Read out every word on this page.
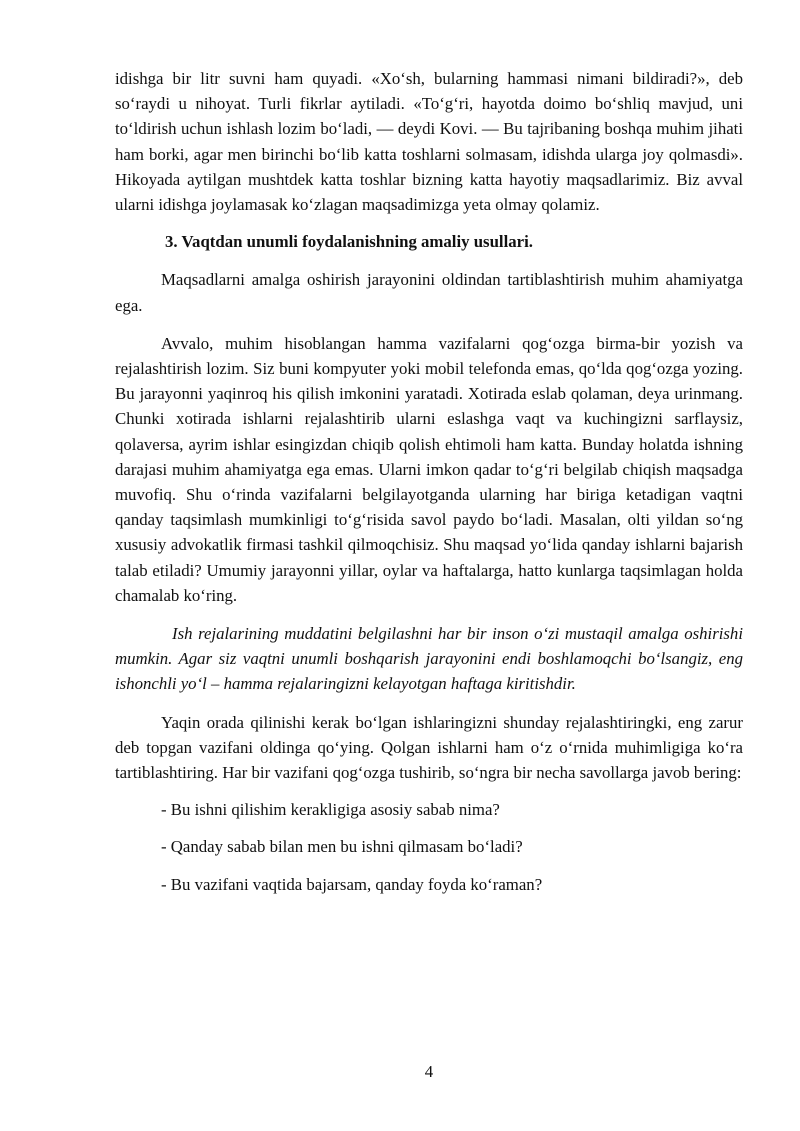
idishga bir litr suvni ham quyadi. «Xo‘sh, bularning hammasi nimani bildiradi?», deb so‘raydi u nihoyat. Turli fikrlar aytiladi. «To‘g‘ri, hayotda doimo bo‘shliq mavjud, uni to‘ldirish uchun ishlash lozim bo‘ladi, — deydi Kovi. — Bu tajribaning boshqa muhim jihati ham borki, agar men birinchi bo‘lib katta toshlarni solmasam, idishda ularga joy qolmasdi». Hikoyada aytilgan mushtdek katta toshlar bizning katta hayotiy maqsadlarimiz. Biz avval ularni idishga joylamasak ko‘zlagan maqsadimizga yeta olmay qolamiz.

3. Vaqtdan unumli foydalanishning amaliy usullari.

Maqsadlarni amalga oshirish jarayonini oldindan tartiblashtirish muhim ahamiyatga ega.

Avvalo, muhim hisoblangan hamma vazifalarni qog‘ozga birma-bir yozish va rejalashtirish lozim. Siz buni kompyuter yoki mobil telefonda emas, qo‘lda qog‘ozga yozing. Bu jarayonni yaqinroq his qilish imkonini yaratadi. Xotirada eslab qolaman, deya urinmang. Chunki xotirada ishlarni rejalashtirib ularni eslashga vaqt va kuchingizni sarflaysiz, qolaversa, ayrim ishlar esingizdan chiqib qolish ehtimoli ham katta. Bunday holatda ishning darajasi muhim ahamiyatga ega emas. Ularni imkon qadar to‘g‘ri belgilab chiqish maqsadga muvofiq. Shu o‘rinda vazifalarni belgilayotganda ularning har biriga ketadigan vaqtni qanday taqsimlash mumkinligi to‘g‘risida savol paydo bo‘ladi. Masalan, olti yildan so‘ng xususiy advokatlik firmasi tashkil qilmoqchisiz. Shu maqsad yo‘lida qanday ishlarni bajarish talab etiladi? Umumiy jarayonni yillar, oylar va haftalarga, hatto kunlarga taqsimlagan holda chamalab ko‘ring.

Ish rejalarining muddatini belgilashni har bir inson o‘zi mustaqil amalga oshirishi mumkin. Agar siz vaqtni unumli boshqarish jarayonini endi boshlamoqchi bo‘lsangiz, eng ishonchli yo‘l – hamma rejalaringizni kelayotgan haftaga kiritishdir.

Yaqin orada qilinishi kerak bo‘lgan ishlaringizni shunday rejalashtiringki, eng zarur deb topgan vazifani oldinga qo‘ying. Qolgan ishlarni ham o‘z o‘rnida muhimligiga ko‘ra tartiblashtiring. Har bir vazifani qog‘ozga tushirib, so‘ngra bir necha savollarga javob bering:

- Bu ishni qilishim kerakligiga asosiy sabab nima?

- Qanday sabab bilan men bu ishni qilmasam bo‘ladi?

- Bu vazifani vaqtida bajarsam, qanday foyda ko‘raman?

4
